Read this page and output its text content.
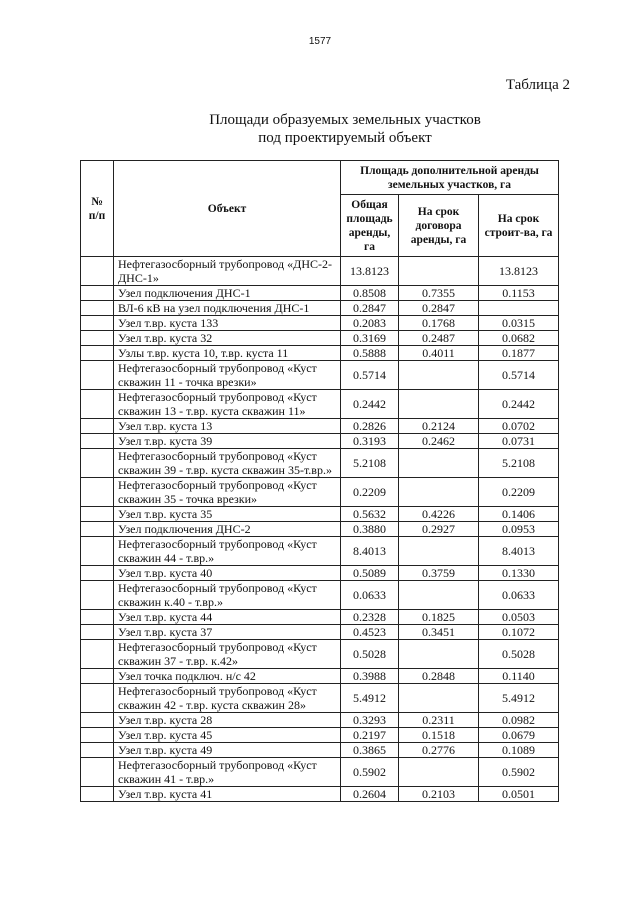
1577
Таблица 2
Площади образуемых земельных участков
под проектируемый объект
№ п/п	Объект	Площадь дополнительной аренды земельных участков, га		
		Общая площадь аренды, га	На срок договора аренды, га	На срок строит-ва, га
	Нефтегазосборный трубопровод «ДНС-2-ДНС-1»	13.8123		13.8123
	Узел подключения ДНС-1	0.8508	0.7355	0.1153
	ВЛ-6 кВ на узел подключения ДНС-1	0.2847	0.2847	
	Узел т.вр. куста 133	0.2083	0.1768	0.0315
	Узел т.вр. куста 32	0.3169	0.2487	0.0682
	Узлы т.вр. куста 10, т.вр. куста 11	0.5888	0.4011	0.1877
	Нефтегазосборный трубопровод «Куст скважин 11 - точка врезки»	0.5714		0.5714
	Нефтегазосборный трубопровод «Куст скважин 13 - т.вр. куста скважин 11»	0.2442		0.2442
	Узел т.вр. куста 13	0.2826	0.2124	0.0702
	Узел т.вр. куста 39	0.3193	0.2462	0.0731
	Нефтегазосборный трубопровод «Куст скважин 39 - т.вр. куста скважин 35-т.вр.»	5.2108		5.2108
	Нефтегазосборный трубопровод «Куст скважин 35 - точка врезки»	0.2209		0.2209
	Узел т.вр. куста 35	0.5632	0.4226	0.1406
	Узел подключения ДНС-2	0.3880	0.2927	0.0953
	Нефтегазосборный трубопровод «Куст скважин 44 - т.вр.»	8.4013		8.4013
	Узел т.вр. куста 40	0.5089	0.3759	0.1330
	Нефтегазосборный трубопровод «Куст скважин к.40 - т.вр.»	0.0633		0.0633
	Узел т.вр. куста 44	0.2328	0.1825	0.0503
	Узел т.вр. куста 37	0.4523	0.3451	0.1072
	Нефтегазосборный трубопровод «Куст скважин 37 - т.вр. к.42»	0.5028		0.5028
	Узел точка подключ. н/с 42	0.3988	0.2848	0.1140
	Нефтегазосборный трубопровод «Куст скважин 42 - т.вр. куста скважин 28»	5.4912		5.4912
	Узел т.вр. куста 28	0.3293	0.2311	0.0982
	Узел т.вр. куста 45	0.2197	0.1518	0.0679
	Узел т.вр. куста 49	0.3865	0.2776	0.1089
	Нефтегазосборный трубопровод «Куст скважин 41 - т.вр.»	0.5902		0.5902
	Узел т.вр. куста 41	0.2604	0.2103	0.0501
